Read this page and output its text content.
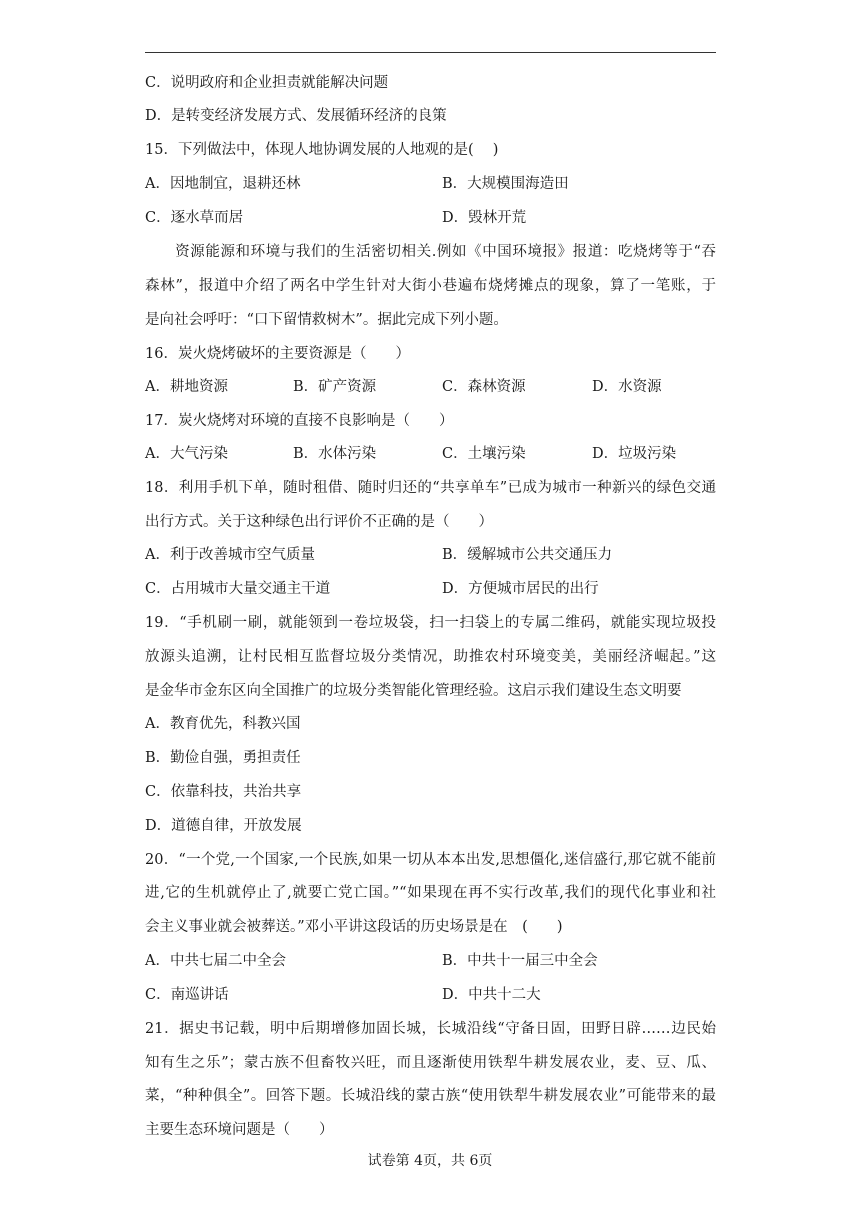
C．说明政府和企业担责就能解决问题
D．是转变经济发展方式、发展循环经济的良策
15．下列做法中，体现人地协调发展的人地观的是(　 )
A．因地制宜，退耕还林	B．大规模围海造田
C．逐水草而居	D．毁林开荒
　　资源能源和环境与我们的生活密切相关.例如《中国环境报》报道：吃烧烤等于“吞
森林”，报道中介绍了两名中学生针对大街小巷遍布烧烤摊点的现象，算了一笔账，于
是向社会呼吁：“口下留情救树木”。据此完成下列小题。
16．炭火烧烤破坏的主要资源是（　　）
A．耕地资源	B．矿产资源	C．森林资源	D．水资源
17．炭火烧烤对环境的直接不良影响是（　　）
A．大气污染	B．水体污染	C．土壤污染	D．垃圾污染
18．利用手机下单，随时租借、随时归还的“共享单车”已成为城市一种新兴的绿色交通
出行方式。关于这种绿色出行评价不正确的是（　　）
A．利于改善城市空气质量	B．缓解城市公共交通压力
C．占用城市大量交通主干道	D．方便城市居民的出行
19．“手机刷一刷，就能领到一卷垃圾袋，扫一扫袋上的专属二维码，就能实现垃圾投
放源头追溯，让村民相互监督垃圾分类情况，助推农村环境变美，美丽经济崛起。”这
是金华市金东区向全国推广的垃圾分类智能化管理经验。这启示我们建设生态文明要
A．教育优先，科教兴国
B．勤俭自强，勇担责任
C．依靠科技，共治共享
D．道德自律，开放发展
20．“一个党,一个国家,一个民族,如果一切从本本出发,思想僵化,迷信盛行,那它就不能前
进,它的生机就停止了,就要亡党亡国。”“如果现在再不实行改革,我们的现代化事业和社
会主义事业就会被葬送。”邓小平讲这段话的历史场景是在　(　　)
A．中共七届二中全会	B．中共十一届三中全会
C．南巡讲话	D．中共十二大
21．据史书记载，明中后期增修加固长城，长城沿线“守备日固，田野日辟……边民始
知有生之乐”；蒙古族不但畜牧兴旺，而且逐渐使用铁犁牛耕发展农业，麦、豆、瓜、
菜，“种种俱全”。回答下题。长城沿线的蒙古族“使用铁犁牛耕发展农业”可能带来的最
主要生态环境问题是（　　）
试卷第 4页，共 6页
